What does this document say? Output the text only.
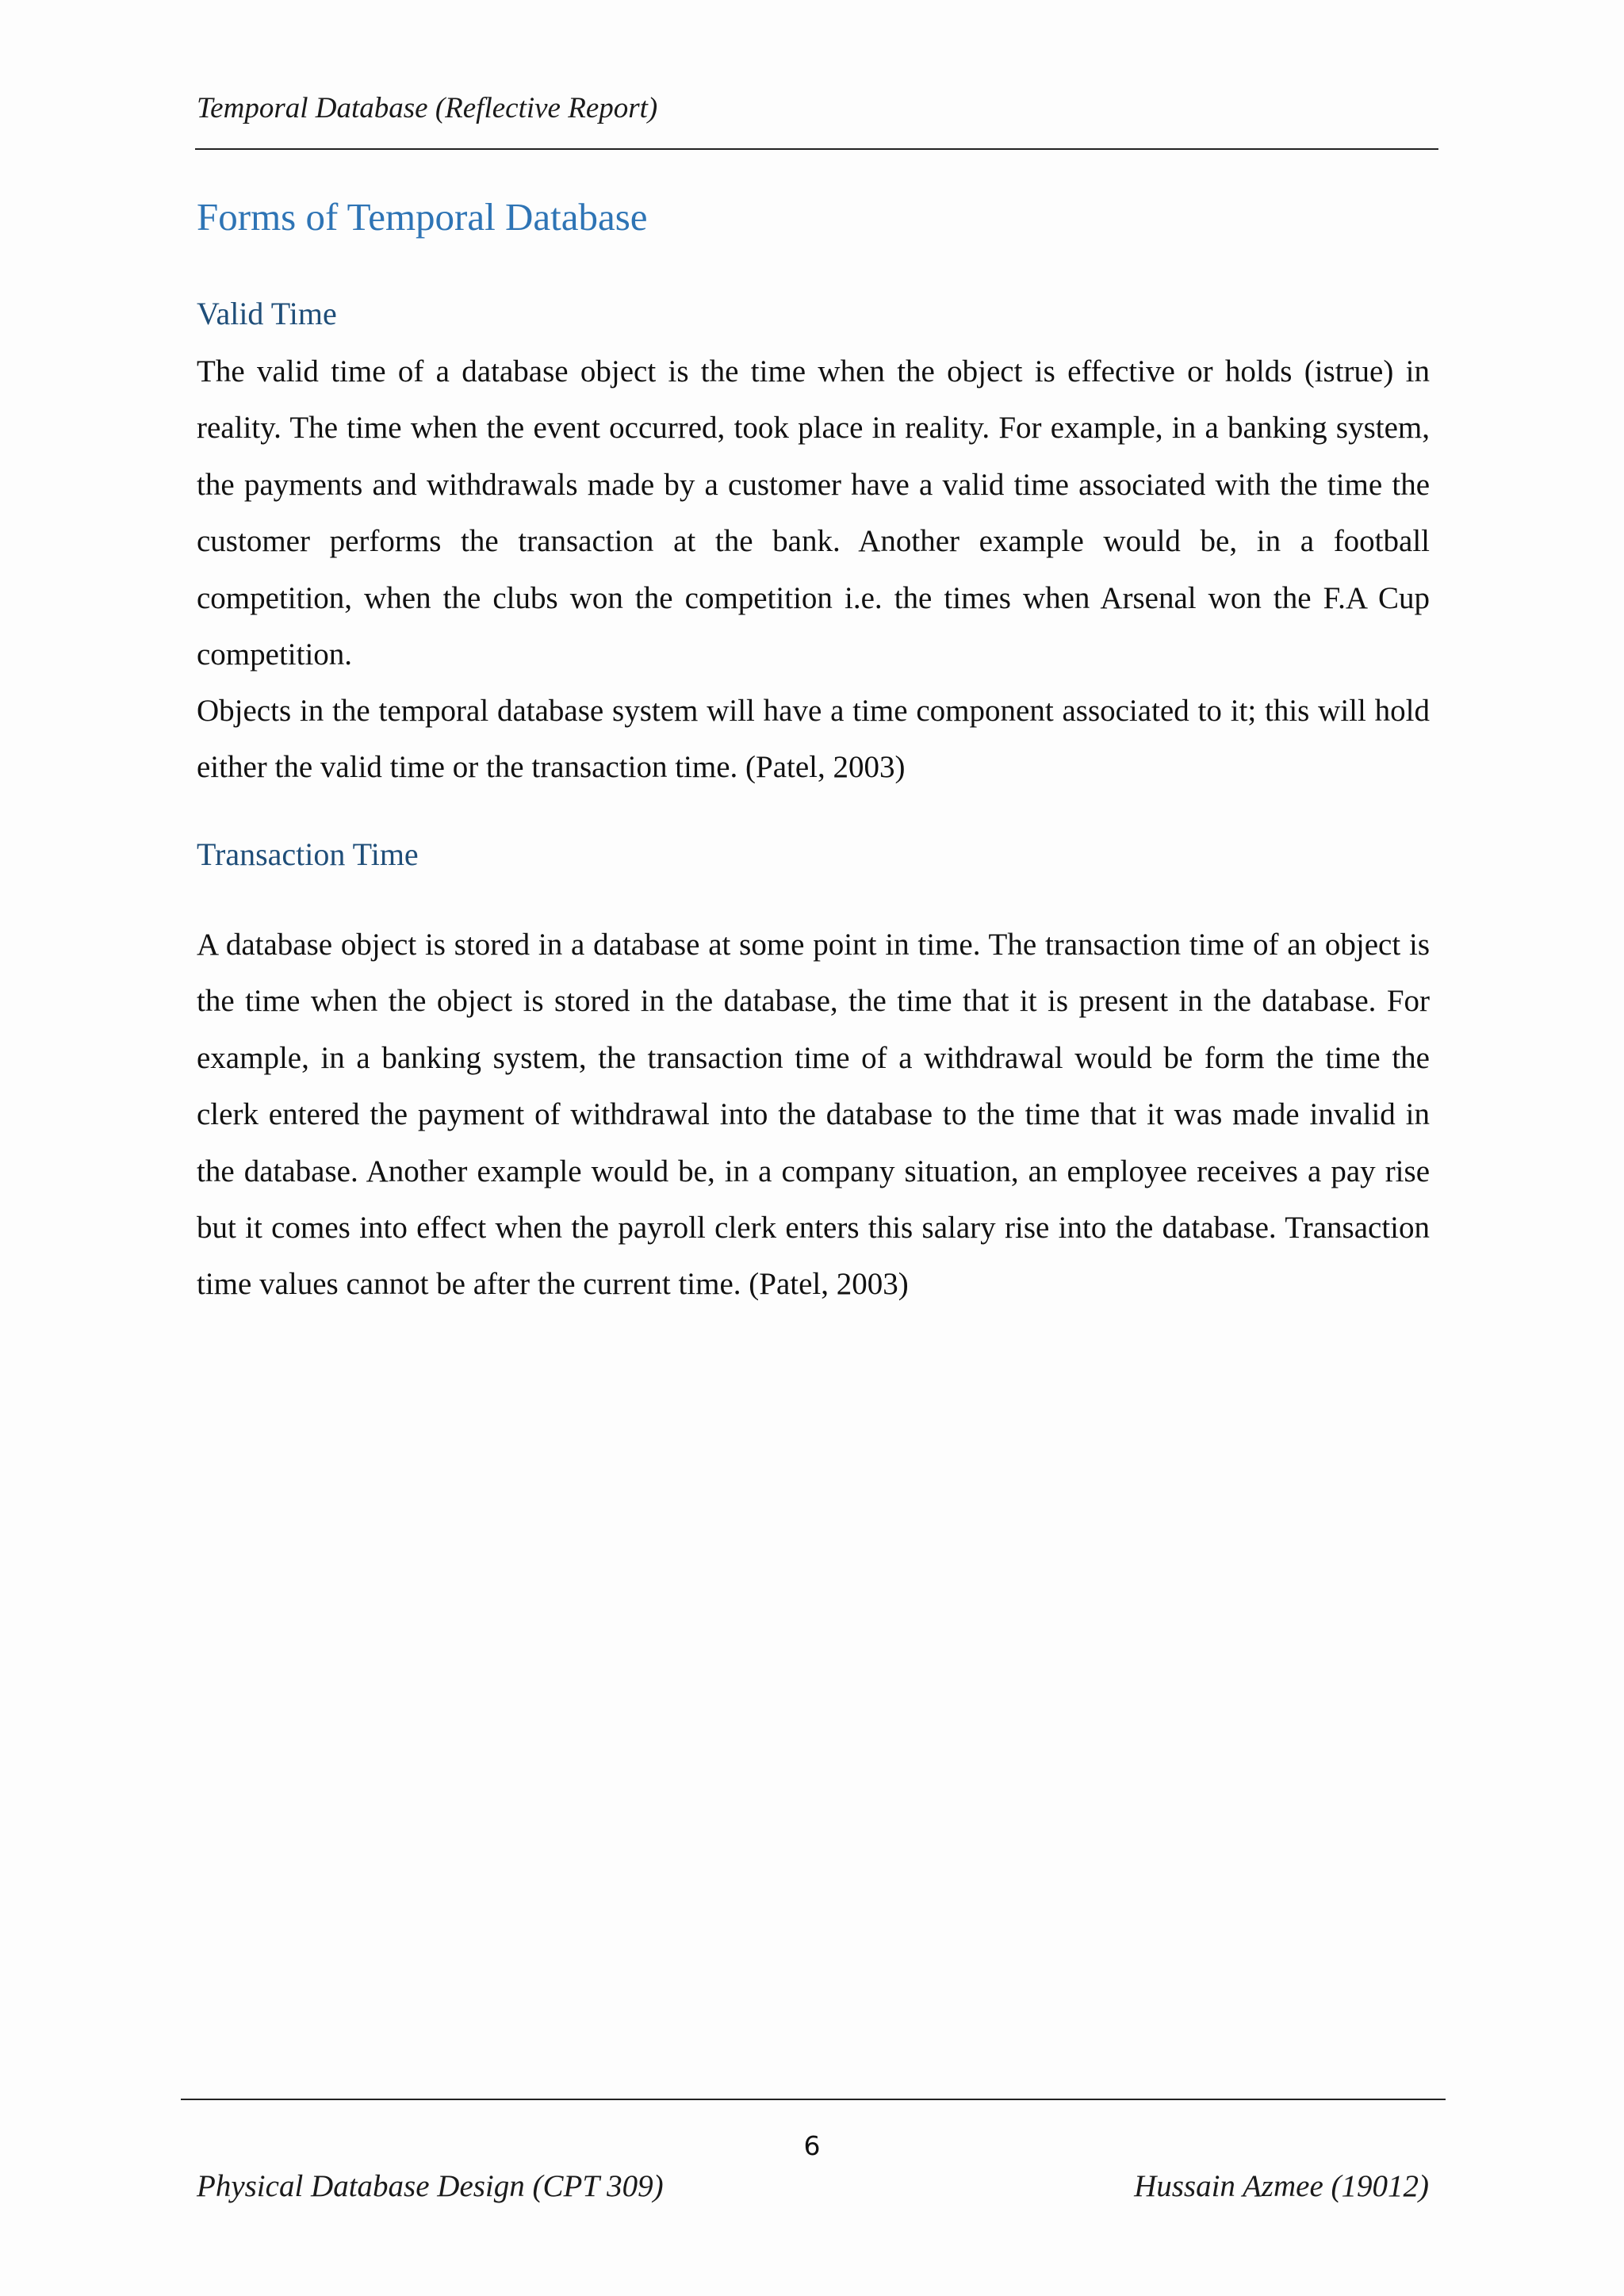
Temporal Database (Reflective Report)
Forms of Temporal Database
Valid Time

The valid time of a database object is the time when the object is effective or holds (istrue) in reality. The time when the event occurred, took place in reality. For example, in a banking system, the payments and withdrawals made by a customer have a valid time associated with the time the customer performs the transaction at the bank. Another example would be, in a football competition, when the clubs won the competition i.e. the times when Arsenal won the F.A Cup competition.

Objects in the temporal database system will have a time component associated to it; this will hold either the valid time or the transaction time. (Patel, 2003)

Transaction Time

A database object is stored in a database at some point in time. The transaction time of an object is the time when the object is stored in the database, the time that it is present in the database. For example, in a banking system, the transaction time of a withdrawal would be form the time the clerk entered the payment of withdrawal into the database to the time that it was made invalid in the database. Another example would be, in a company situation, an employee receives a pay rise but it comes into effect when the payroll clerk enters this salary rise into the database. Transaction time values cannot be after the current time. (Patel, 2003)

6
Physical Database Design (CPT 309)	Hussain Azmee (19012)
